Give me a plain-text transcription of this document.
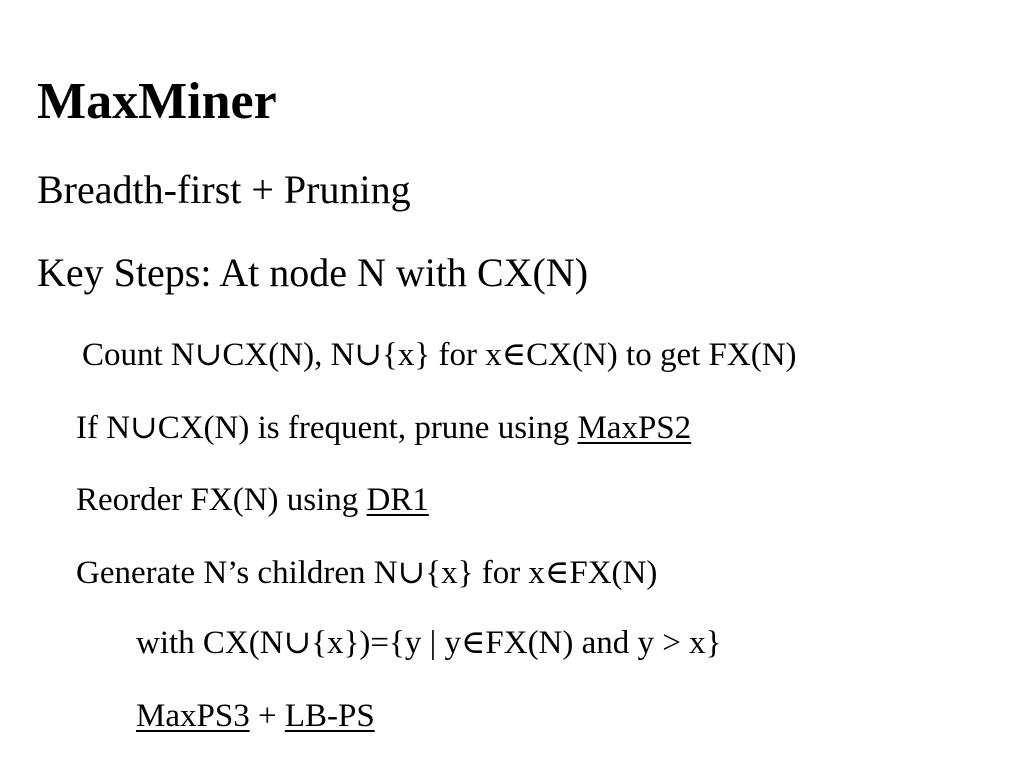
MaxMiner
Breadth-first + Pruning
Key Steps: At node N with CX(N)
Count N∪CX(N), N∪{x} for x∈CX(N) to get FX(N)
If N∪CX(N) is frequent, prune using MaxPS2
Reorder FX(N) using DR1
Generate N’s children N∪{x} for x∈FX(N)
with CX(N∪{x})={y | y∈FX(N) and y > x}
MaxPS3 + LB-PS
